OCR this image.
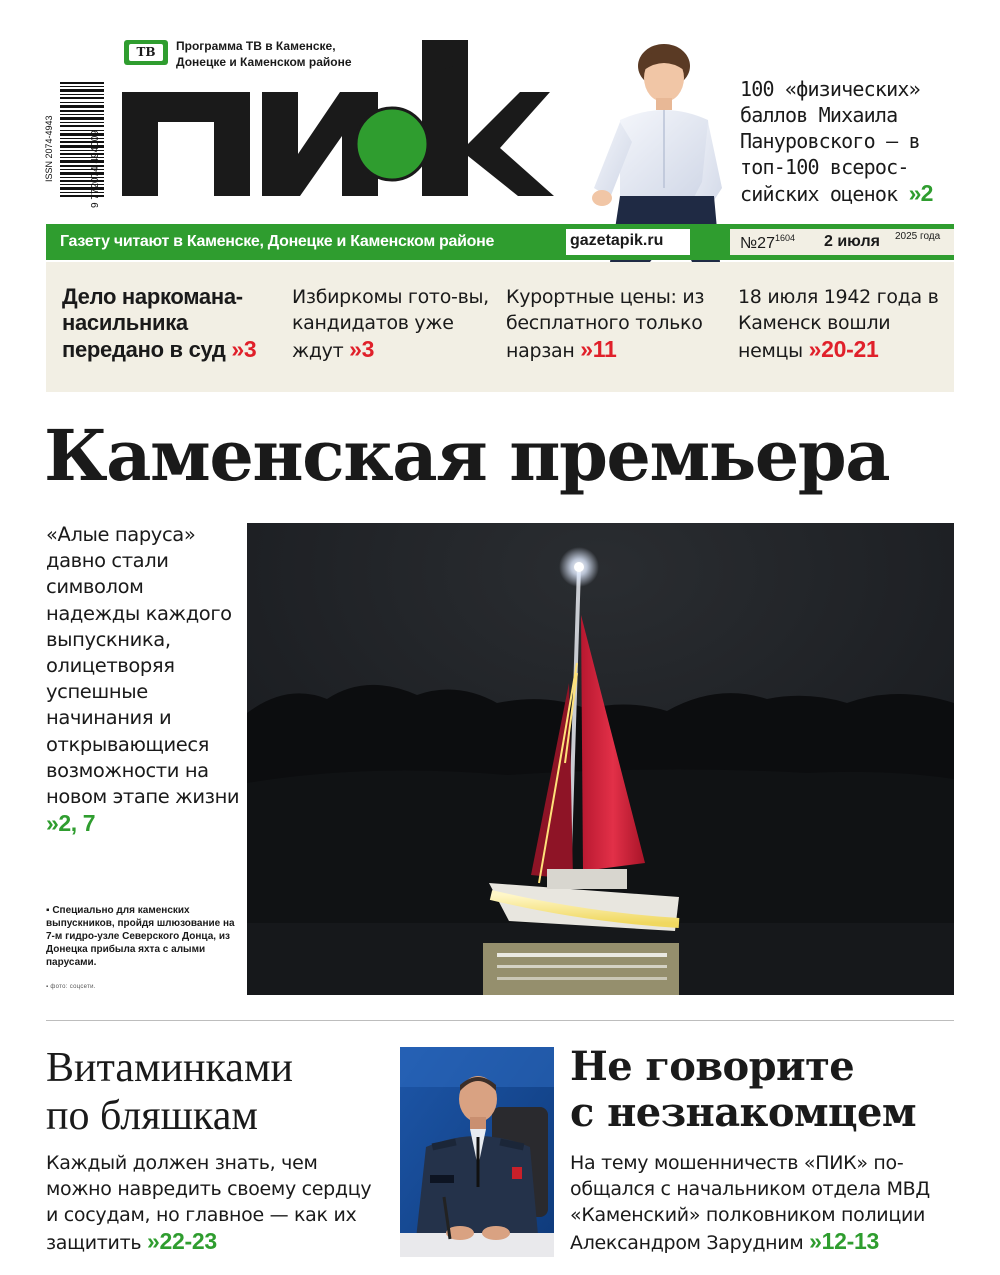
ISSN 2074-4943	9 772074 494009
ТВ	Программа ТВ в Каменске,
Донецке и Каменском районе
100 «физических» баллов Михаила Пануровского — в топ-100 всерос-сийских оценок »2
Газету читают в Каменске, Донецке и Каменском районе	gazetapik.ru	$№27^{1604}$ 2 июля 2025 года
Дело наркомана-насильника передано в суд »3
Избиркомы гото-вы, кандидатов уже ждут »3
Курортные цены: из бесплатного только нарзан »11
18 июля 1942 года в Каменск вошли немцы »20-21
Каменская премьера
«Алые паруса» давно стали символом надежды каждого выпускника, олицетворяя успешные начинания и открывающиеся возможности на новом этапе жизни
»2, 7
▪ Специально для каменских выпускников, пройдя шлюзование на 7-м гидро-узле Северского Донца, из Донецка прибыла яхта с алыми парусами.
▪ фото: соцсети.
Витаминками
по бляшкам
Каждый должен знать, чем можно навредить своему сердцу и сосудам, но главное — как их защитить »22-23
Не говорите
с незнакомцем
На тему мошенничеств «ПИК» по-общался с начальником отдела МВД «Каменский» полковником полиции Александром Зарудним »12-13
